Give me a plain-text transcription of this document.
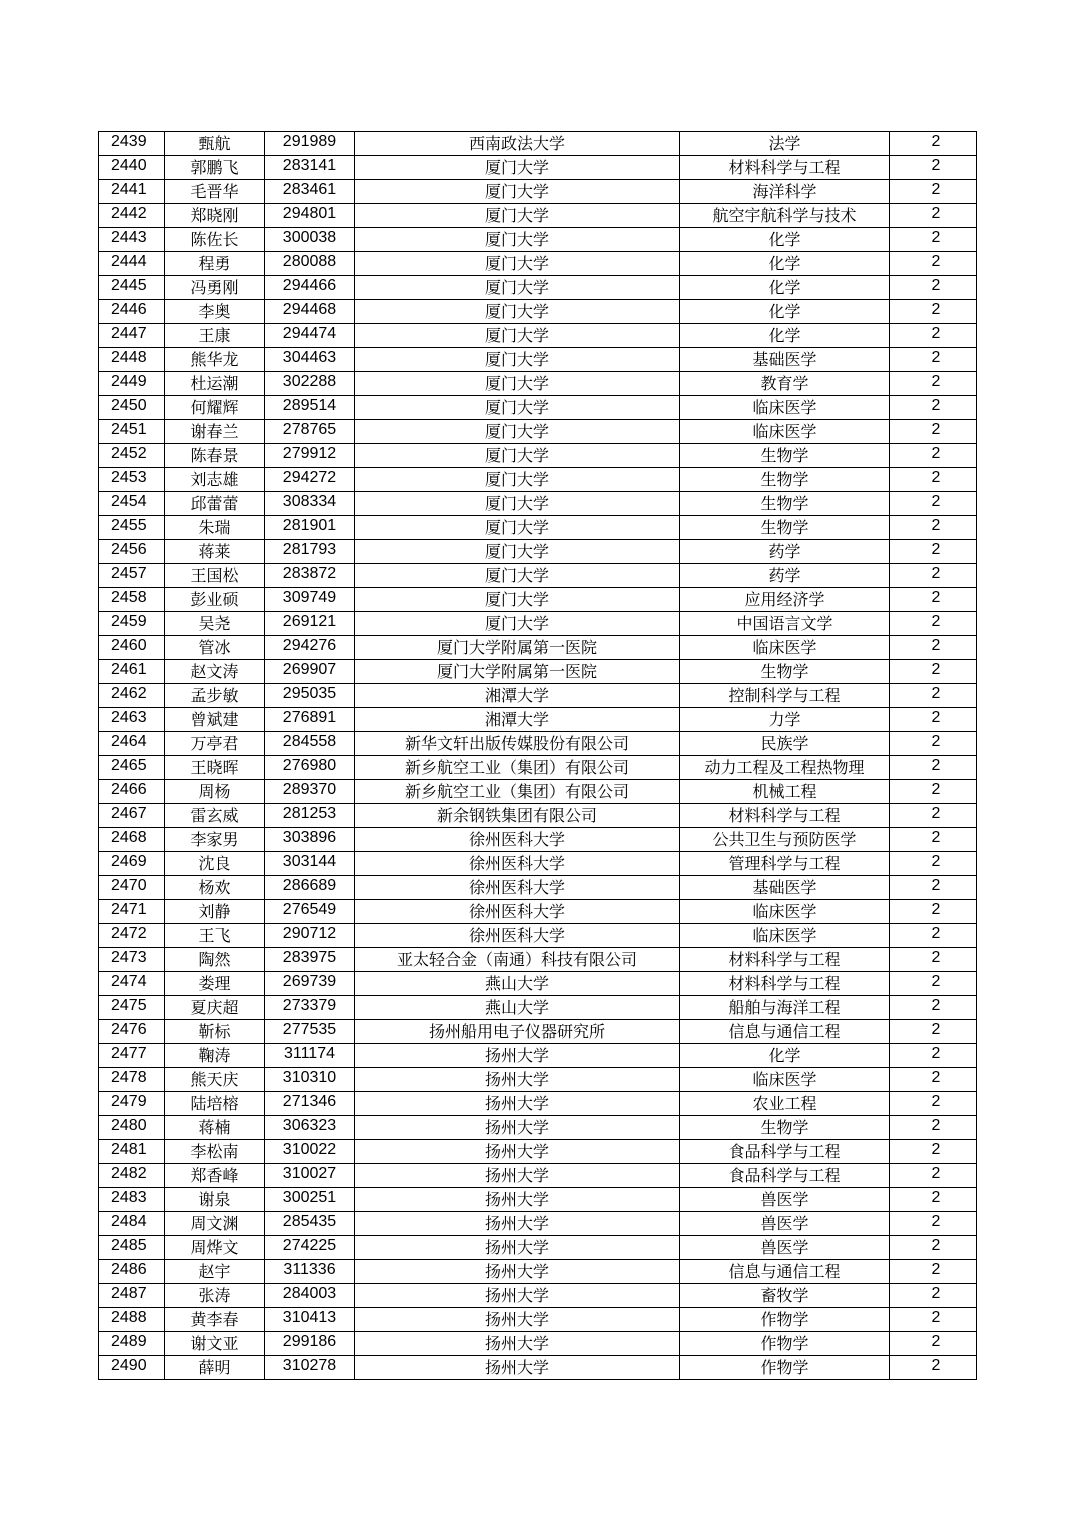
2439	甄航	291989	西南政法大学	法学	2
2440	郭鹏飞	283141	厦门大学	材料科学与工程	2
2441	毛晋华	283461	厦门大学	海洋科学	2
2442	郑晓刚	294801	厦门大学	航空宇航科学与技术	2
2443	陈佐长	300038	厦门大学	化学	2
2444	程勇	280088	厦门大学	化学	2
2445	冯勇刚	294466	厦门大学	化学	2
2446	李奥	294468	厦门大学	化学	2
2447	王康	294474	厦门大学	化学	2
2448	熊华龙	304463	厦门大学	基础医学	2
2449	杜运潮	302288	厦门大学	教育学	2
2450	何耀辉	289514	厦门大学	临床医学	2
2451	谢春兰	278765	厦门大学	临床医学	2
2452	陈春景	279912	厦门大学	生物学	2
2453	刘志雄	294272	厦门大学	生物学	2
2454	邱蕾蕾	308334	厦门大学	生物学	2
2455	朱瑞	281901	厦门大学	生物学	2
2456	蒋莱	281793	厦门大学	药学	2
2457	王国松	283872	厦门大学	药学	2
2458	彭业硕	309749	厦门大学	应用经济学	2
2459	吴尧	269121	厦门大学	中国语言文学	2
2460	管冰	294276	厦门大学附属第一医院	临床医学	2
2461	赵文涛	269907	厦门大学附属第一医院	生物学	2
2462	孟步敏	295035	湘潭大学	控制科学与工程	2
2463	曾斌建	276891	湘潭大学	力学	2
2464	万亭君	284558	新华文轩出版传媒股份有限公司	民族学	2
2465	王晓晖	276980	新乡航空工业（集团）有限公司	动力工程及工程热物理	2
2466	周杨	289370	新乡航空工业（集团）有限公司	机械工程	2
2467	雷玄威	281253	新余钢铁集团有限公司	材料科学与工程	2
2468	李家男	303896	徐州医科大学	公共卫生与预防医学	2
2469	沈良	303144	徐州医科大学	管理科学与工程	2
2470	杨欢	286689	徐州医科大学	基础医学	2
2471	刘静	276549	徐州医科大学	临床医学	2
2472	王飞	290712	徐州医科大学	临床医学	2
2473	陶然	283975	亚太轻合金（南通）科技有限公司	材料科学与工程	2
2474	娄理	269739	燕山大学	材料科学与工程	2
2475	夏庆超	273379	燕山大学	船舶与海洋工程	2
2476	靳标	277535	扬州船用电子仪器研究所	信息与通信工程	2
2477	鞠涛	311174	扬州大学	化学	2
2478	熊天庆	310310	扬州大学	临床医学	2
2479	陆培榕	271346	扬州大学	农业工程	2
2480	蒋楠	306323	扬州大学	生物学	2
2481	李松南	310022	扬州大学	食品科学与工程	2
2482	郑香峰	310027	扬州大学	食品科学与工程	2
2483	谢泉	300251	扬州大学	兽医学	2
2484	周文渊	285435	扬州大学	兽医学	2
2485	周烨文	274225	扬州大学	兽医学	2
2486	赵宇	311336	扬州大学	信息与通信工程	2
2487	张涛	284003	扬州大学	畜牧学	2
2488	黄李春	310413	扬州大学	作物学	2
2489	谢文亚	299186	扬州大学	作物学	2
2490	薛明	310278	扬州大学	作物学	2
